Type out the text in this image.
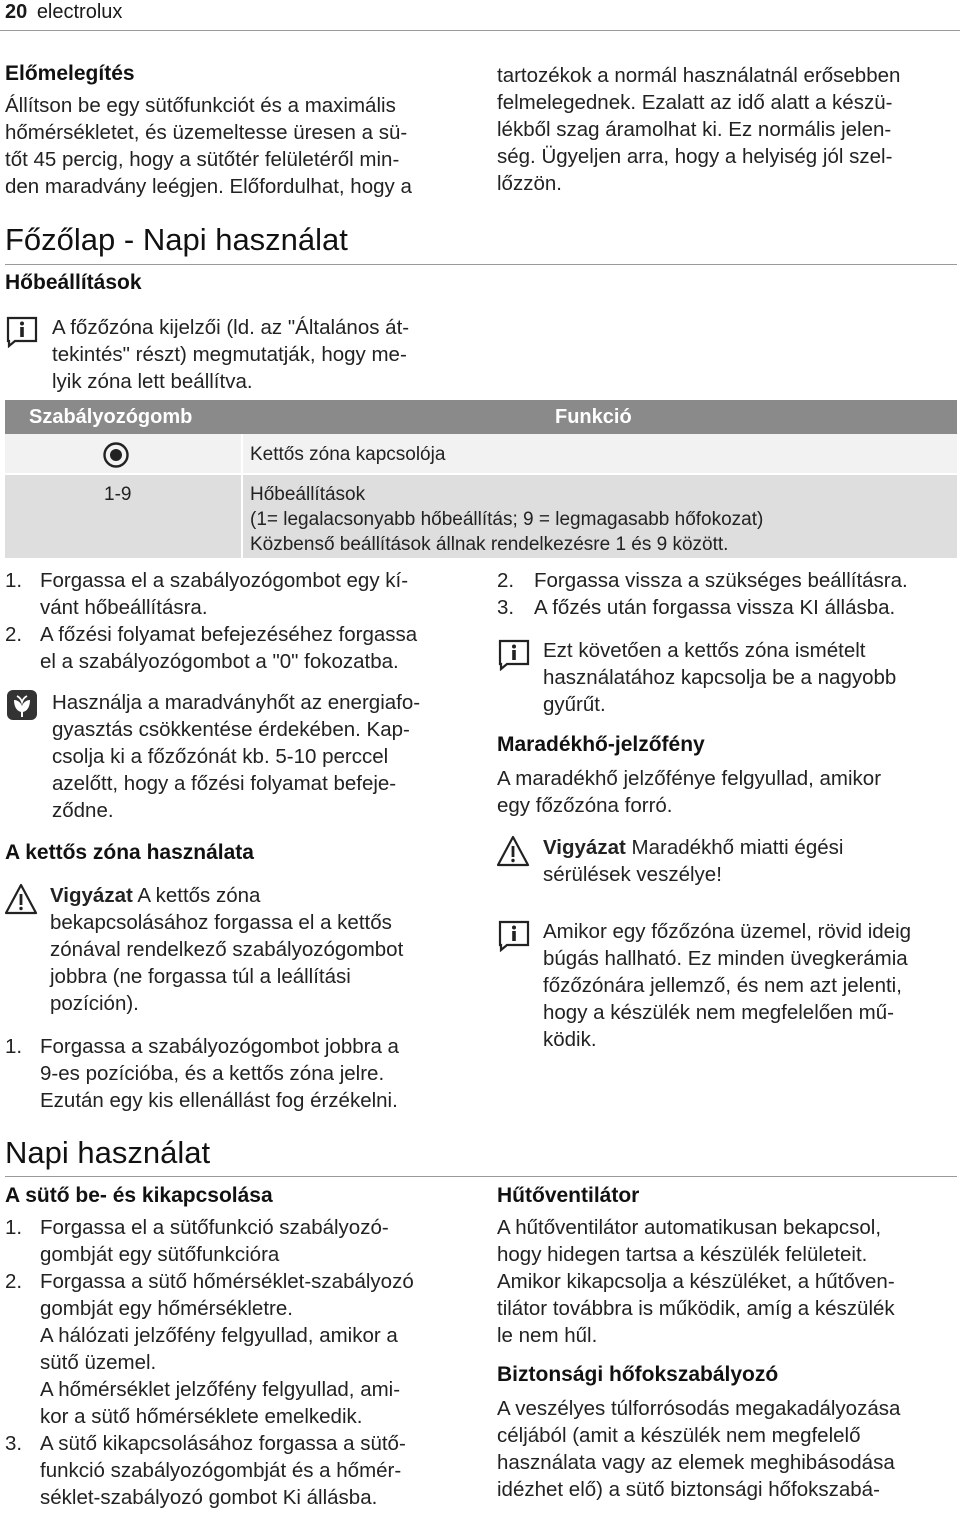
20 electrolux
Előmelegítés
Állítson be egy sütőfunkciót és a maximális
hőmérsékletet, és üzemeltesse üresen a sü-
tőt 45 percig, hogy a sütőtér felületéről min-
den maradvány leégjen. Előfordulhat, hogy a
tartozékok a normál használatnál erősebben
felmelegednek. Ezalatt az idő alatt a készü-
lékből szag áramolhat ki. Ez normális jelen-
ség. Ügyeljen arra, hogy a helyiség jól szel-
lőzzön.
Főzőlap - Napi használat
Hőbeállítások
A főzőzóna kijelzői (ld. az "Általános át-
tekintés" részt) megmutatják, hogy me-
lyik zóna lett beállítva.
Szabályozógomb	Funkció
Kettős zóna kapcsolója
1-9	Hőbeállítások
(1= legalacsonyabb hőbeállítás; 9 = legmagasabb hőfokozat)
Közbenső beállítások állnak rendelkezésre 1 és 9 között.
1. Forgassa el a szabályozógombot egy kí-
vánt hőbeállításra.
2. A főzési folyamat befejezéséhez forgassa
el a szabályozógombot a "0" fokozatba.
Használja a maradványhőt az energiafo-
gyasztás csökkentése érdekében. Kap-
csolja ki a főzőzónát kb. 5-10 perccel
azelőtt, hogy a főzési folyamat befeje-
ződne.
A kettős zóna használata
Vigyázat A kettős zóna
bekapcsolásához forgassa el a kettős
zónával rendelkező szabályozógombot
jobbra (ne forgassa túl a leállítási
pozíción).
1. Forgassa a szabályozógombot jobbra a
9-es pozícióba, és a kettős zóna jelre.
Ezután egy kis ellenállást fog érzékelni.
2. Forgassa vissza a szükséges beállításra.
3. A főzés után forgassa vissza KI állásba.
Ezt követően a kettős zóna ismételt
használatához kapcsolja be a nagyobb
gyűrűt.
Maradékhő-jelzőfény
A maradékhő jelzőfénye felgyullad, amikor
egy főzőzóna forró.
Vigyázat Maradékhő miatti égési
sérülések veszélye!
Amikor egy főzőzóna üzemel, rövid ideig
búgás hallható. Ez minden üvegkerámia
főzőzónára jellemző, és nem azt jelenti,
hogy a készülék nem megfelelően mű-
ködik.
Napi használat
A sütő be- és kikapcsolása
1. Forgassa el a sütőfunkció szabályozó-
gombját egy sütőfunkcióra
2. Forgassa a sütő hőmérséklet-szabályozó
gombját egy hőmérsékletre.
A hálózati jelzőfény felgyullad, amikor a
sütő üzemel.
A hőmérséklet jelzőfény felgyullad, ami-
kor a sütő hőmérséklete emelkedik.
3. A sütő kikapcsolásához forgassa a sütő-
funkció szabályozógombját és a hőmér-
séklet-szabályozó gombot Ki állásba.
Hűtőventilátor
A hűtőventilátor automatikusan bekapcsol,
hogy hidegen tartsa a készülék felületeit.
Amikor kikapcsolja a készüléket, a hűtőven-
tilátor továbbra is működik, amíg a készülék
le nem hűl.
Biztonsági hőfokszabályozó
A veszélyes túlforrósodás megakadályozása
céljából (amit a készülék nem megfelelő
használata vagy az elemek meghibásodása
idézhet elő) a sütő biztonsági hőfokszabá-
